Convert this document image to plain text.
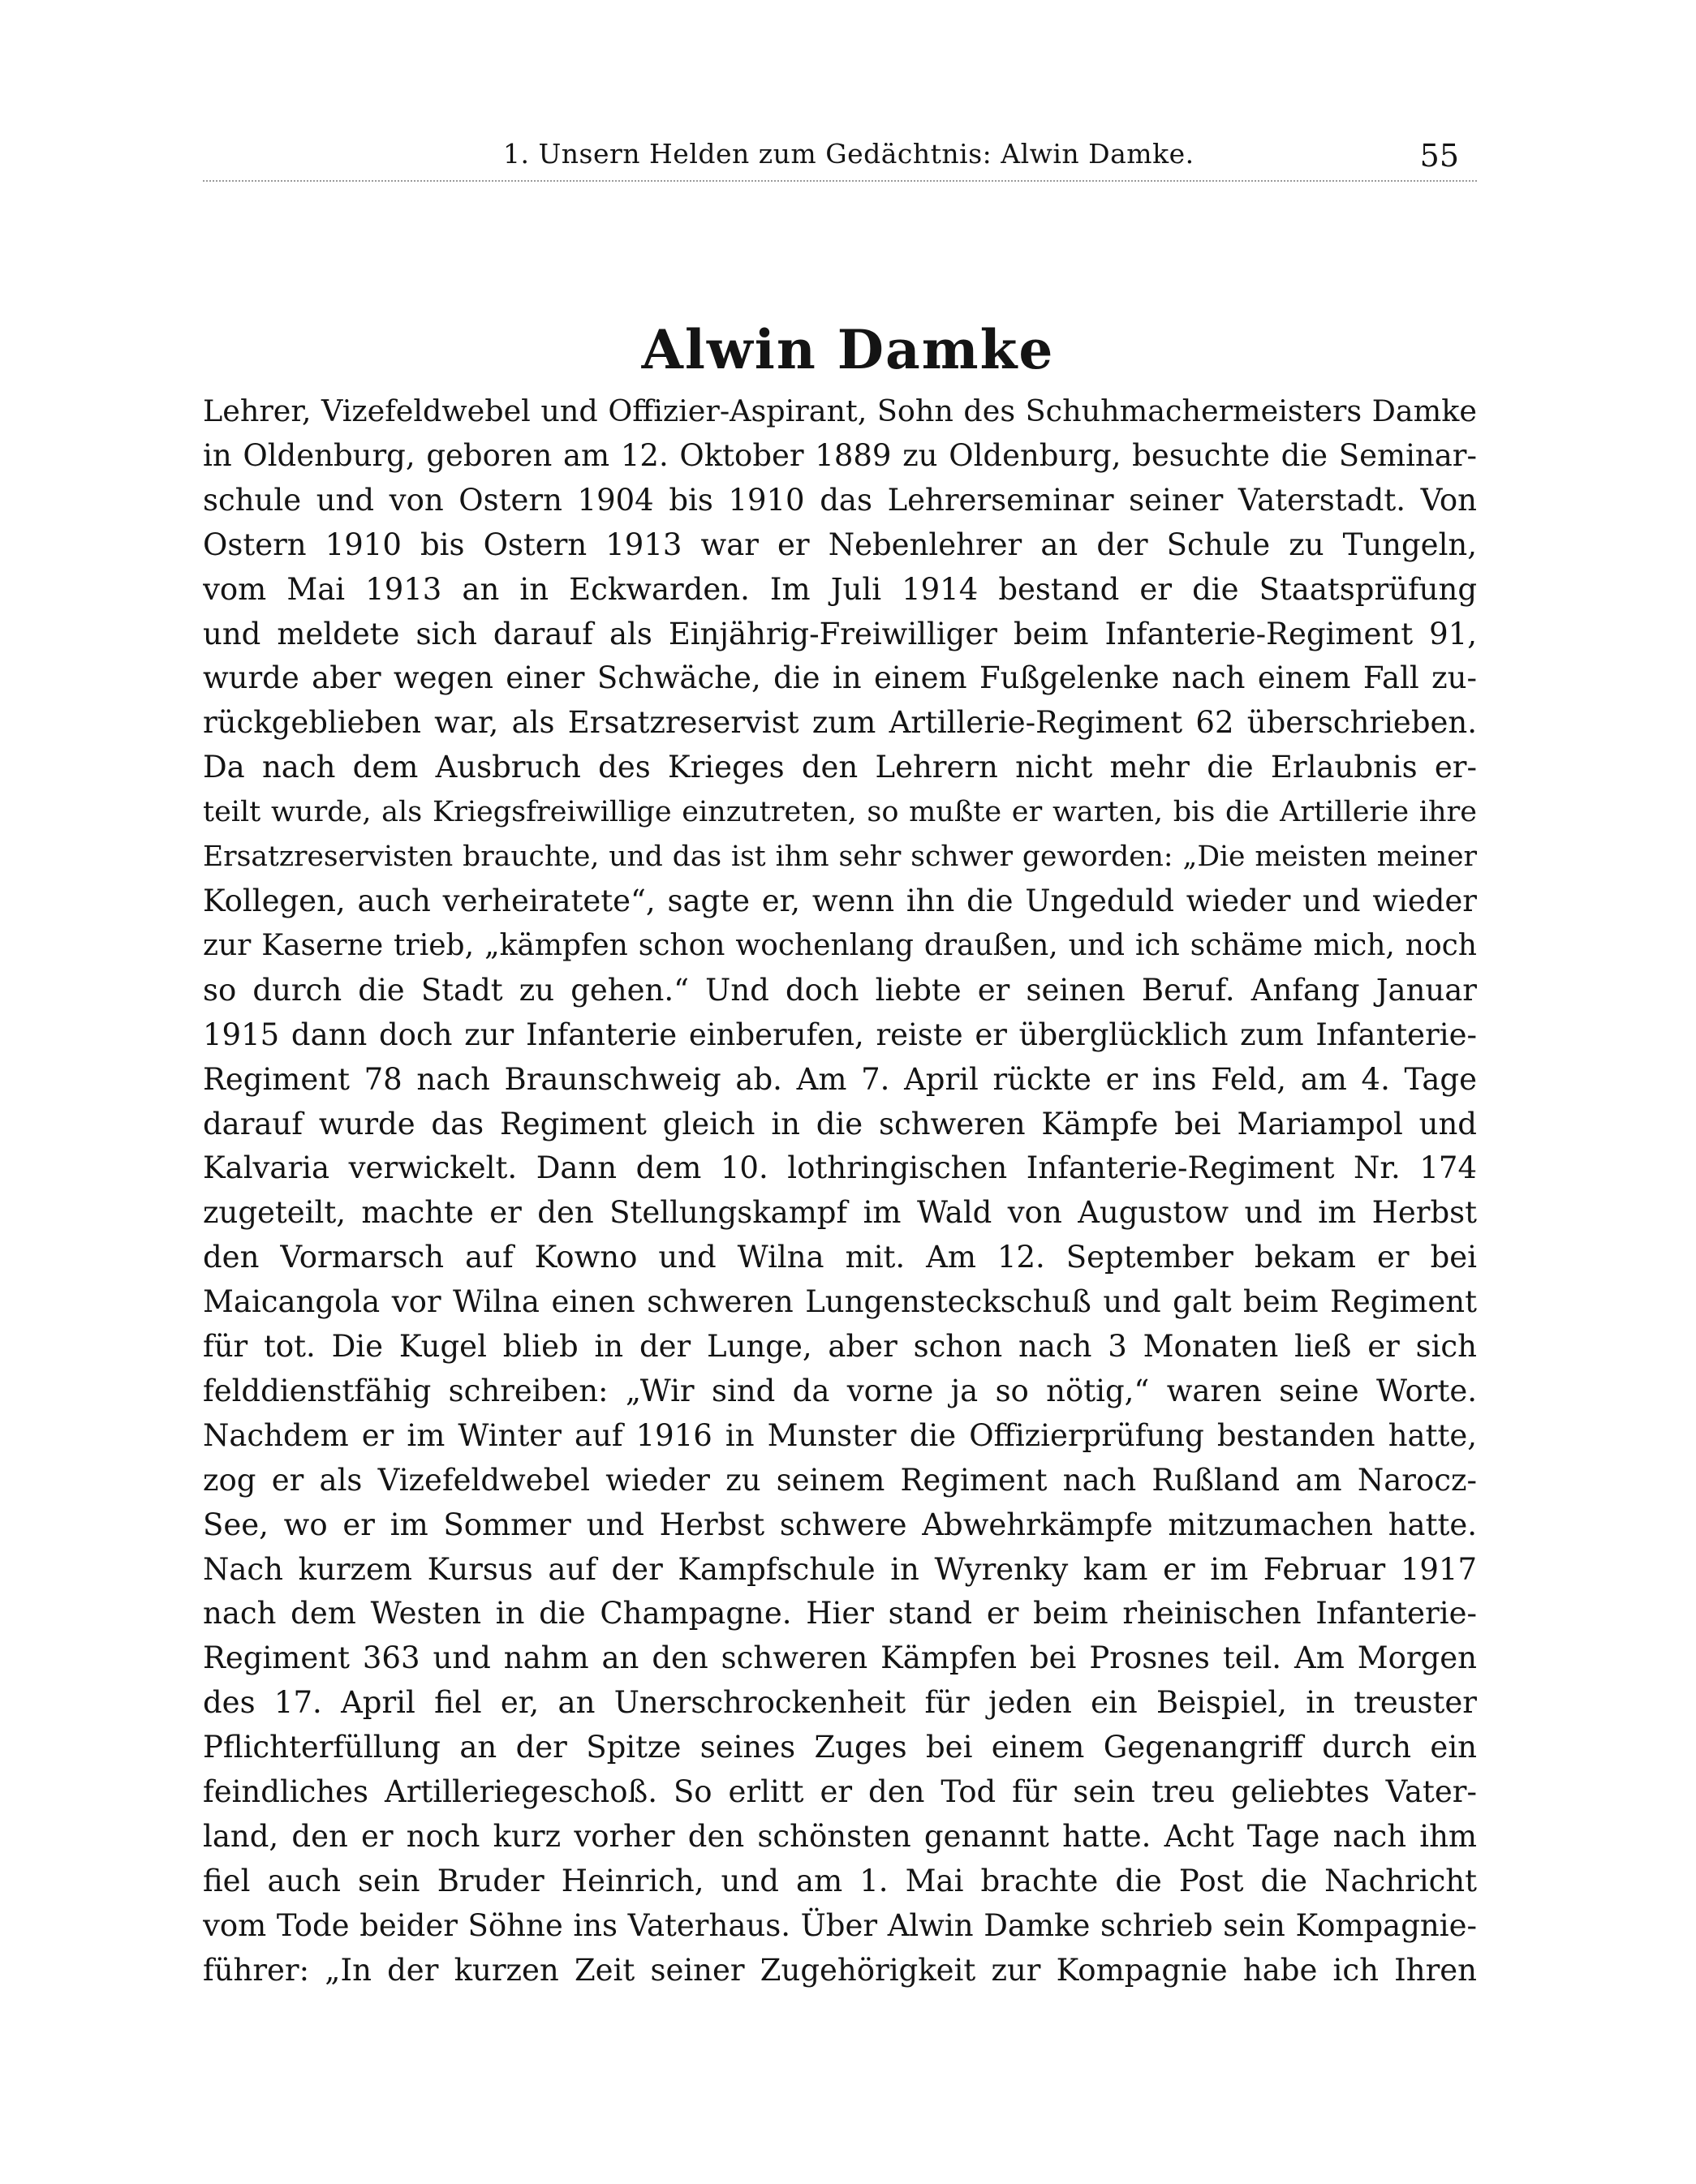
1. Unsern Helden zum Gedächtnis: Alwin Damke.	55
Alwin Damke
Lehrer, Vizefeldwebel und Offizier-Aspirant, Sohn des Schuhmachermeisters Damke
in Oldenburg, geboren am 12. Oktober 1889 zu Oldenburg, besuchte die Seminar-
schule und von Ostern 1904 bis 1910 das Lehrerseminar seiner Vaterstadt. Von
Ostern 1910 bis Ostern 1913 war er Nebenlehrer an der Schule zu Tungeln,
vom Mai 1913 an in Eckwarden. Im Juli 1914 bestand er die Staatsprüfung
und meldete sich darauf als Einjährig-Freiwilliger beim Infanterie-Regiment 91,
wurde aber wegen einer Schwäche, die in einem Fußgelenke nach einem Fall zu-
rückgeblieben war, als Ersatzreservist zum Artillerie-Regiment 62 überschrieben.
Da nach dem Ausbruch des Krieges den Lehrern nicht mehr die Erlaubnis er-
teilt wurde, als Kriegsfreiwillige einzutreten, so mußte er warten, bis die Artillerie ihre
Ersatzreservisten brauchte, und das ist ihm sehr schwer geworden: „Die meisten meiner
Kollegen, auch verheiratete“, sagte er, wenn ihn die Ungeduld wieder und wieder
zur Kaserne trieb, „kämpfen schon wochenlang draußen, und ich schäme mich, noch
so durch die Stadt zu gehen.“ Und doch liebte er seinen Beruf. Anfang Januar
1915 dann doch zur Infanterie einberufen, reiste er überglücklich zum Infanterie-
Regiment 78 nach Braunschweig ab. Am 7. April rückte er ins Feld, am 4. Tage
darauf wurde das Regiment gleich in die schweren Kämpfe bei Mariampol und
Kalvaria verwickelt. Dann dem 10. lothringischen Infanterie-Regiment Nr. 174
zugeteilt, machte er den Stellungskampf im Wald von Augustow und im Herbst
den Vormarsch auf Kowno und Wilna mit. Am 12. September bekam er bei
Maicangola vor Wilna einen schweren Lungensteckschuß und galt beim Regiment
für tot. Die Kugel blieb in der Lunge, aber schon nach 3 Monaten ließ er sich
felddienstfähig schreiben: „Wir sind da vorne ja so nötig,“ waren seine Worte.
Nachdem er im Winter auf 1916 in Munster die Offizierprüfung bestanden hatte,
zog er als Vizefeldwebel wieder zu seinem Regiment nach Rußland am Narocz-
See, wo er im Sommer und Herbst schwere Abwehrkämpfe mitzumachen hatte.
Nach kurzem Kursus auf der Kampfschule in Wyrenky kam er im Februar 1917
nach dem Westen in die Champagne. Hier stand er beim rheinischen Infanterie-
Regiment 363 und nahm an den schweren Kämpfen bei Prosnes teil. Am Morgen
des 17. April fiel er, an Unerschrockenheit für jeden ein Beispiel, in treuster
Pflichterfüllung an der Spitze seines Zuges bei einem Gegenangriff durch ein
feindliches Artilleriegeschoß. So erlitt er den Tod für sein treu geliebtes Vater-
land, den er noch kurz vorher den schönsten genannt hatte. Acht Tage nach ihm
fiel auch sein Bruder Heinrich, und am 1. Mai brachte die Post die Nachricht
vom Tode beider Söhne ins Vaterhaus. Über Alwin Damke schrieb sein Kompagnie-
führer: „In der kurzen Zeit seiner Zugehörigkeit zur Kompagnie habe ich Ihren
